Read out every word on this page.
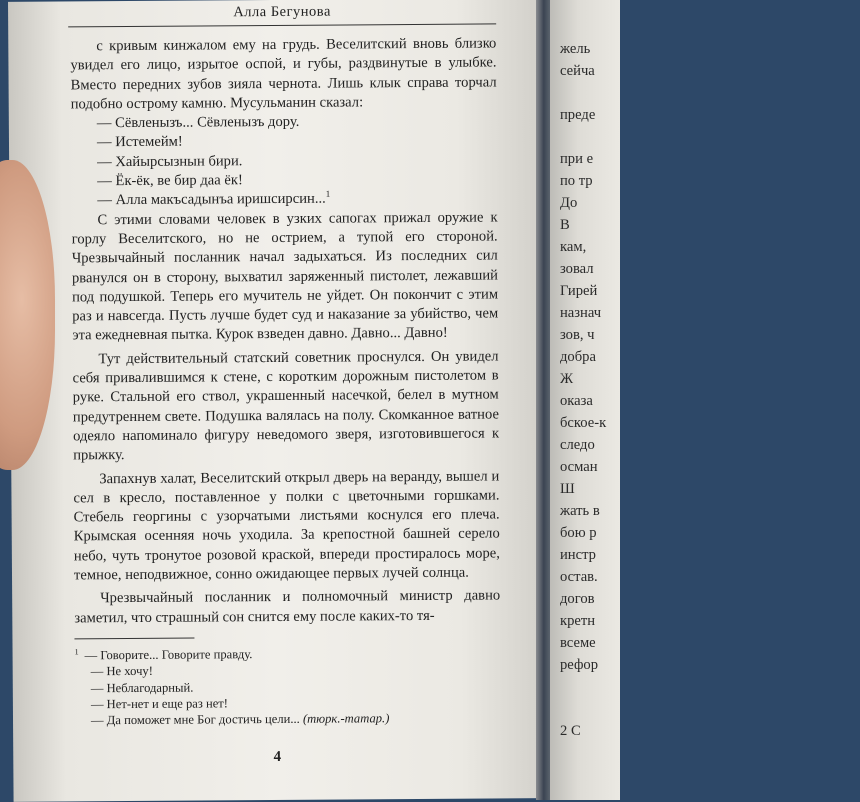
Алла Бегунова

с кривым кинжалом ему на грудь. Веселитский вновь близко увидел его лицо, изрытое оспой, и губы, раздвинутые в улыбке. Вместо передних зубов зияла чернота. Лишь клык справа торчал подобно острому камню. Мусульманин сказал:

— Сёвленызъ... Сёвленызъ дору.

— Истемейм!

— Хайырсызнын бири.

— Ёк-ёк, ве бир даа ёк!

— Алла макъсадынъа иришсирсин...$^1$

С этими словами человек в узких сапогах прижал оружие к горлу Веселитского, но не острием, а тупой его стороной. Чрезвычайный посланник начал задыхаться. Из последних сил рванулся он в сторону, выхватил заряженный пистолет, лежавший под подушкой. Теперь его мучитель не уйдет. Он покончит с этим раз и навсегда. Пусть лучше будет суд и наказание за убийство, чем эта ежедневная пытка. Курок взведен давно. Давно... Давно!

Тут действительный статский советник проснулся. Он увидел себя привалившимся к стене, с коротким дорожным пистолетом в руке. Стальной его ствол, украшенный насечкой, белел в мутном предутреннем свете. Подушка валялась на полу. Скомканное ватное одеяло напоминало фигуру неведомого зверя, изготовившегося к прыжку.

Запахнув халат, Веселитский открыл дверь на веранду, вышел и сел в кресло, поставленное у полки с цветочными горшками. Стебель георгины с узорчатыми листьями коснулся его плеча. Крымская осенняя ночь уходила. За крепостной башней серело небо, чуть тронутое розовой краской, впереди простиралось море, темное, неподвижное, сонно ожидающее первых лучей солнца.

Чрезвычайный посланник и полномочный министр давно заметил, что страшный сон снится ему после каких-то тя-

$^1$ — Говорите... Говорите правду.

— Не хочу!

— Неблагодарный.

— Нет-нет и еще раз нет!

— Да поможет мне Бог достичь цели... (тюрк.-татар.)

4
жель
сейча
преде
при е
по тр
До
В
кам,
зовал
Гирей
назнач
зов, ч
добра
Ж
оказа
бское-к
следо
осман
Ш
жать в
бою р
инстр
остав.
догов
кретн
всеме
рефор
2 С
